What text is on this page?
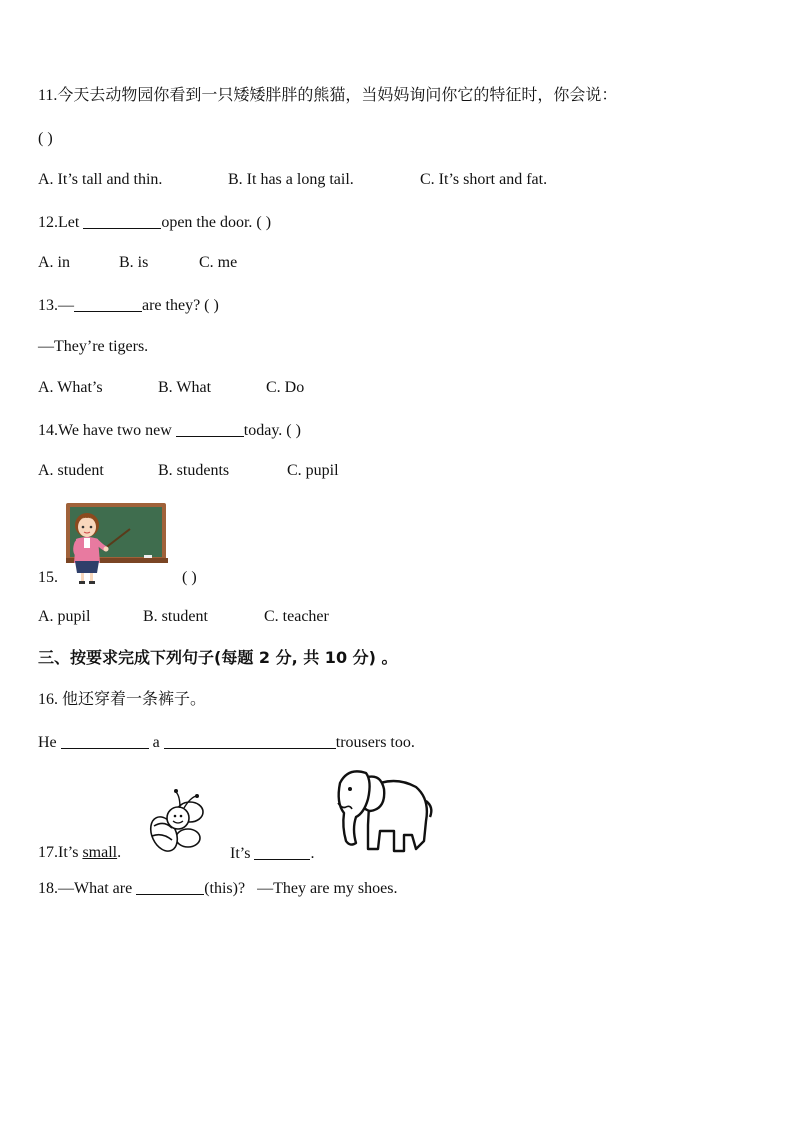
11.今天去动物园你看到一只矮矮胖胖的熊猫，当妈妈询问你它的特征时，你会说：
( )
A. It’s tall and thin.	B. It has a long tail.	C. It’s short and fat.
12.Let	open the door. ( )
A. in	B. is	C. me
13.—	are they? ( )
—They’re tigers.
A. What’s	B. What	C. Do
14.We have two new	today. ( )
A. student	B. students	C. pupil
15.	( )
A. pupil	B. student	C. teacher
三、按要求完成下列句子(每题 2 分, 共 10 分) 。
16. 他还穿着一条裤子。
He	a	trousers too.
17.It’s small.	It’s	.
18.—What are	(this)? —They are my shoes.
